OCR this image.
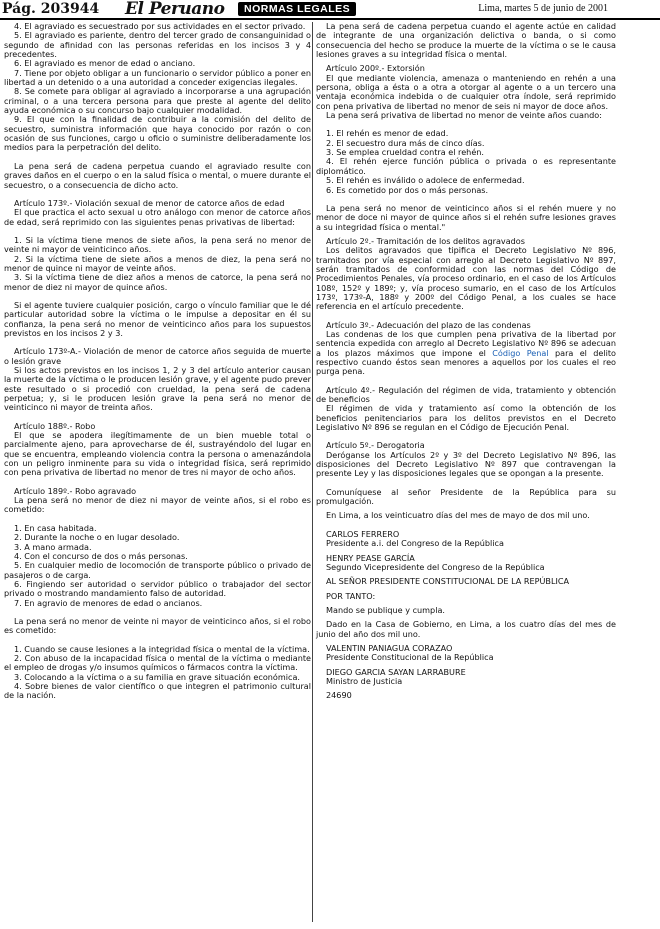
Pág. 203944 El Peruano	NORMAS LEGALES	Lima, martes 5 de junio de 2001

4. El agraviado es secuestrado por sus actividades en el sector privado.

5. El agraviado es pariente, dentro del tercer grado de consanguinidad o segundo de afinidad con las personas referidas en los incisos 3 y 4 precedentes.

6. El agraviado es menor de edad o anciano.

7. Tiene por objeto obligar a un funcionario o servidor público a poner en libertad a un detenido o a una autoridad a conceder exigencias ilegales.

8. Se comete para obligar al agraviado a incorporarse a una agrupación criminal, o a una tercera persona para que preste al agente del delito ayuda económica o su concurso bajo cualquier modalidad.

9. El que con la finalidad de contribuir a la comisión del delito de secuestro, suministra información que haya conocido por razón o con ocasión de sus funciones, cargo u oficio o suministre deliberadamente los medios para la perpetración del delito.

La pena será de cadena perpetua cuando el agraviado resulte con graves daños en el cuerpo o en la salud física o mental, o muere durante el secuestro, o a consecuencia de dicho acto.

Artículo 173º.- Violación sexual de menor de catorce años de edad

El que practica el acto sexual u otro análogo con menor de catorce años de edad, será reprimido con las siguientes penas privativas de libertad:

1. Si la víctima tiene menos de siete años, la pena será no menor de veinte ni mayor de veinticinco años.

2. Si la víctima tiene de siete años a menos de diez, la pena será no menor de quince ni mayor de veinte años.

3. Si la víctima tiene de diez años a menos de catorce, la pena será no menor de diez ni mayor de quince años.

Si el agente tuviere cualquier posición, cargo o vínculo familiar que le dé particular autoridad sobre la víctima o le impulse a depositar en él su confianza, la pena será no menor de veinticinco años para los supuestos previstos en los incisos 2 y 3.

Artículo 173º-A.- Violación de menor de catorce años seguida de muerte o lesión grave

Si los actos previstos en los incisos 1, 2 y 3 del artículo anterior causan la muerte de la víctima o le producen lesión grave, y el agente pudo prever este resultado o si procedió con crueldad, la pena será de cadena perpetua; y, si le producen lesión grave la pena será no menor de veinticinco ni mayor de treinta años.

Artículo 188º.- Robo

El que se apodera ilegítimamente de un bien mueble total o parcialmente ajeno, para aprovecharse de él, sustrayéndolo del lugar en que se encuentra, empleando violencia contra la persona o amenazándola con un peligro inminente para su vida o integridad física, será reprimido con pena privativa de libertad no menor de tres ni mayor de ocho años.

Artículo 189º.- Robo agravado

La pena será no menor de diez ni mayor de veinte años, si el robo es cometido:

1. En casa habitada.

2. Durante la noche o en lugar desolado.

3. A mano armada.

4. Con el concurso de dos o más personas.

5. En cualquier medio de locomoción de transporte público o privado de pasajeros o de carga.

6. Fingiendo ser autoridad o servidor público o trabajador del sector privado o mostrando mandamiento falso de autoridad.

7. En agravio de menores de edad o ancianos.

La pena será no menor de veinte ni mayor de veinticinco años, si el robo es cometido:

1. Cuando se cause lesiones a la integridad física o mental de la víctima.

2. Con abuso de la incapacidad física o mental de la víctima o mediante el empleo de drogas y/o insumos químicos o fármacos contra la víctima.

3. Colocando a la víctima o a su familia en grave situación económica.

4. Sobre bienes de valor científico o que integren el patrimonio cultural de la nación.

La pena será de cadena perpetua cuando el agente actúe en calidad de integrante de una organización delictiva o banda, o si como consecuencia del hecho se produce la muerte de la víctima o se le causa lesiones graves a su integridad física o mental.

Artículo 200º.- Extorsión

El que mediante violencia, amenaza o manteniendo en rehén a una persona, obliga a ésta o a otra a otorgar al agente o a un tercero una ventaja económica indebida o de cualquier otra índole, será reprimido con pena privativa de libertad no menor de seis ni mayor de doce años.

La pena será privativa de libertad no menor de veinte años cuando:

1. El rehén es menor de edad.

2. El secuestro dura más de cinco días.

3. Se emplea crueldad contra el rehén.

4. El rehén ejerce función pública o privada o es representante diplomático.

5. El rehén es inválido o adolece de enfermedad.

6. Es cometido por dos o más personas.

La pena será no menor de veinticinco años si el rehén muere y no menor de doce ni mayor de quince años si el rehén sufre lesiones graves a su integridad física o mental."

Artículo 2º.- Tramitación de los delitos agravados

Los delitos agravados que tipifica el Decreto Legislativo Nº 896, tramitados por vía especial con arreglo al Decreto Legislativo Nº 897, serán tramitados de conformidad con las normas del Código de Procedimientos Penales, vía proceso ordinario, en el caso de los Artículos 108º, 152º y 189º; y, vía proceso sumario, en el caso de los Artículos 173º, 173º-A, 188º y 200º del Código Penal, a los cuales se hace referencia en el artículo precedente.

Artículo 3º.- Adecuación del plazo de las condenas

Las condenas de los que cumplen pena privativa de la libertad por sentencia expedida con arreglo al Decreto Legislativo Nº 896 se adecuan a los plazos máximos que impone el Código Penal para el delito respectivo cuando éstos sean menores a aquellos por los cuales el reo purga pena.

Artículo 4º.- Regulación del régimen de vida, tratamiento y obtención de beneficios

El régimen de vida y tratamiento así como la obtención de los beneficios penitenciarios para los delitos previstos en el Decreto Legislativo Nº 896 se regulan en el Código de Ejecución Penal.

Artículo 5º.- Derogatoria

Deróganse los Artículos 2º y 3º del Decreto Legislativo Nº 896, las disposiciones del Decreto Legislativo Nº 897 que contravengan la presente Ley y las disposiciones legales que se opongan a la presente.

Comuníquese al señor Presidente de la República para su promulgación.

En Lima, a los veinticuatro días del mes de mayo de dos mil uno.

CARLOS FERRERO

Presidente a.i. del Congreso de la República

HENRY PEASE GARCÍA

Segundo Vicepresidente del Congreso de la República

AL SEÑOR PRESIDENTE CONSTITUCIONAL DE LA REPÚBLICA

POR TANTO:

Mando se publique y cumpla.

Dado en la Casa de Gobierno, en Lima, a los cuatro días del mes de junio del año dos mil uno.

VALENTIN PANIAGUA CORAZAO

Presidente Constitucional de la República

DIEGO GARCIA SAYAN LARRABURE

Ministro de Justicia

24690
